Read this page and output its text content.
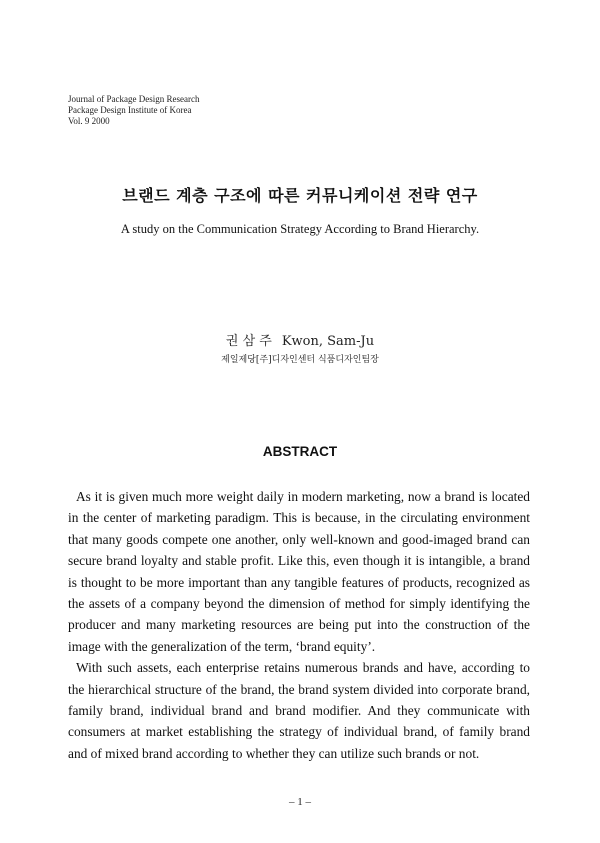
Journal of Package Design Research
Package Design Institute of Korea
Vol. 9 2000
브랜드 계층 구조에 따른 커뮤니케이션 전략 연구
A study on the Communication Strategy According to Brand Hierarchy.
권 삼 주 Kwon, Sam-Ju
제일제당[주]디자인센터 식품디자인팀장
ABSTRACT

As it is given much more weight daily in modern marketing, now a brand is located in the center of marketing paradigm. This is because, in the circulating environment that many goods compete one another, only well-known and good-imaged brand can secure brand loyalty and stable profit. Like this, even though it is intangible, a brand is thought to be more important than any tangible features of products, recognized as the assets of a company beyond the dimension of method for simply identifying the producer and many marketing resources are being put into the construction of the image with the generalization of the term, ‘brand equity’.

With such assets, each enterprise retains numerous brands and have, according to the hierarchical structure of the brand, the brand system divided into corporate brand, family brand, individual brand and brand modifier. And they communicate with consumers at market establishing the strategy of individual brand, of family brand and of mixed brand according to whether they can utilize such brands or not.

– 1 –
